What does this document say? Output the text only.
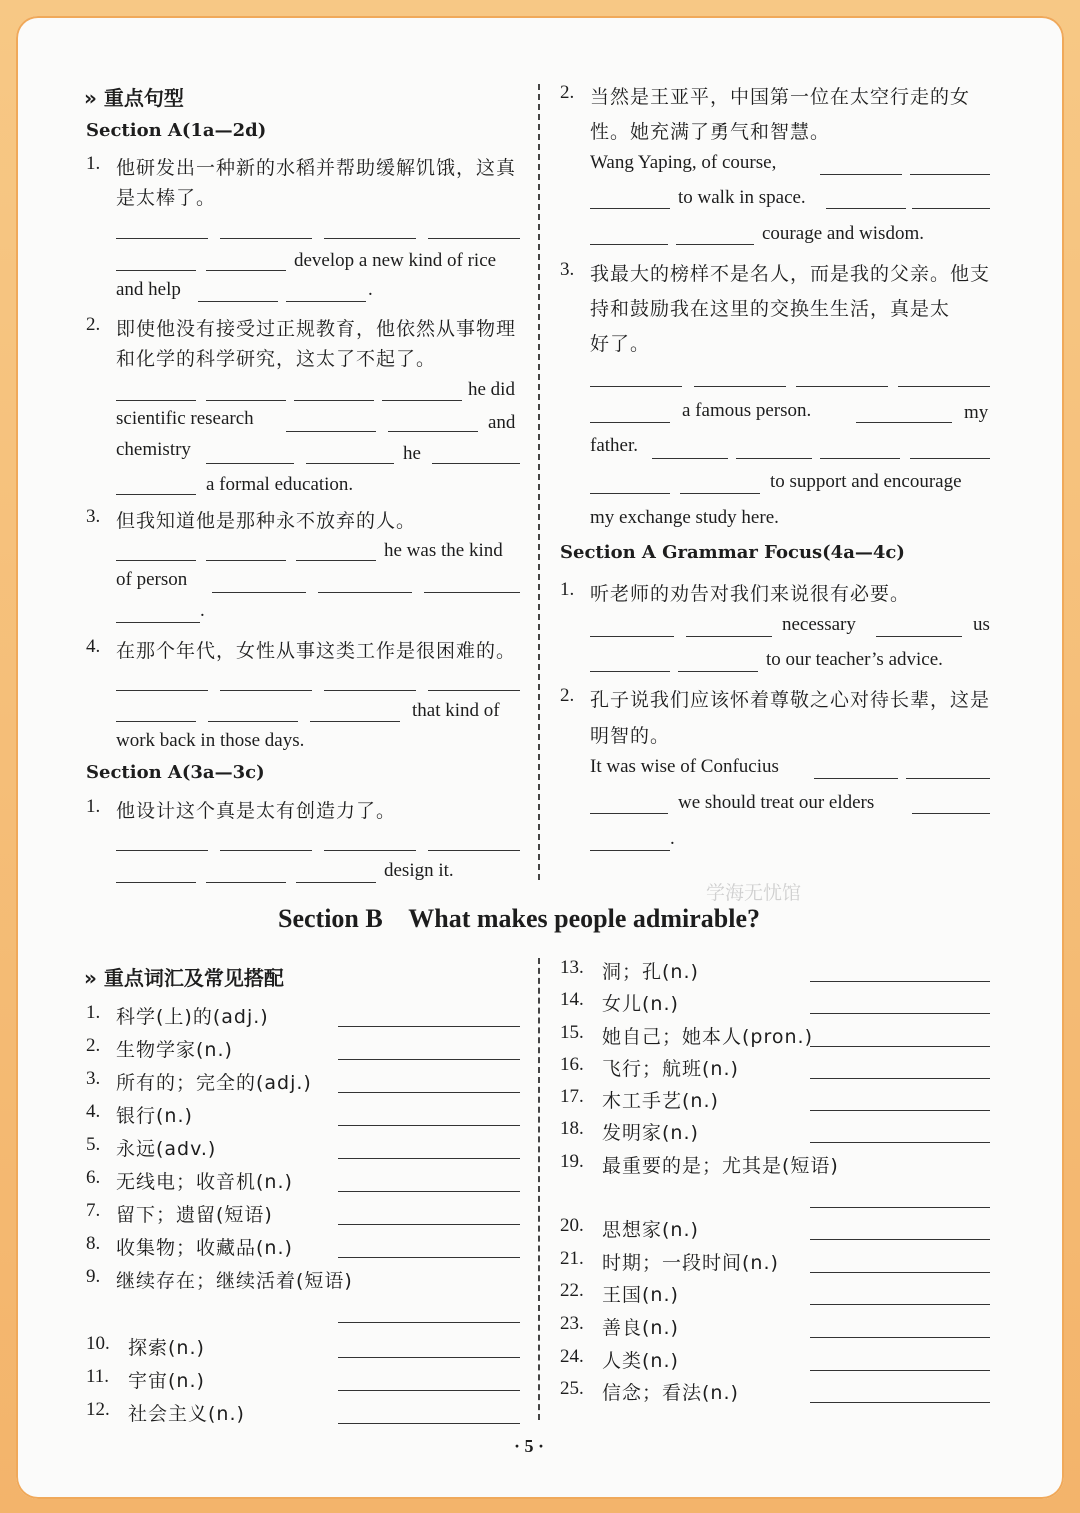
» 重点句型
Section A(1a—2d)
1. 他研发出一种新的水稻并帮助缓解饥饿，这真
是太棒了。
develop a new kind of rice
and help	.
2. 即使他没有接受过正规教育，他依然从事物理
和化学的科学研究，这太了不起了。
he did
scientific research	and
chemistry	he
a formal education.
3. 但我知道他是那种永不放弃的人。
he was the kind
of person
.
4. 在那个年代，女性从事这类工作是很困难的。
that kind of
work back in those days.
Section A(3a—3c)
1. 他设计这个真是太有创造力了。
design it.
2. 当然是王亚平，中国第一位在太空行走的女
性。她充满了勇气和智慧。
Wang Yaping, of course,
to walk in space.
courage and wisdom.
3. 我最大的榜样不是名人，而是我的父亲。他支
持和鼓励我在这里的交换生生活，真是太
好了。
a famous person.	my
father.
to support and encourage
my exchange study here.
Section A Grammar Focus(4a—4c)
1. 听老师的劝告对我们来说很有必要。
necessary	us
to our teacher’s advice.
2. 孔子说我们应该怀着尊敬之心对待长辈，这是
明智的。
It was wise of Confucius
we should treat our elders
.
学海无忧馆
Section B    What makes people admirable?
» 重点词汇及常见搭配
1. 科学(上)的(adj.)
2. 生物学家(n.)
3. 所有的；完全的(adj.)
4. 银行(n.)
5. 永远(adv.)
6. 无线电；收音机(n.)
7. 留下；遗留(短语)
8. 收集物；收藏品(n.)
9. 继续存在；继续活着(短语)
10. 探索(n.)
11. 宇宙(n.)
12. 社会主义(n.)
13. 洞；孔(n.)
14. 女儿(n.)
15. 她自己；她本人(pron.)
16. 飞行；航班(n.)
17. 木工手艺(n.)
18. 发明家(n.)
19. 最重要的是；尤其是(短语)
20. 思想家(n.)
21. 时期；一段时间(n.)
22. 王国(n.)
23. 善良(n.)
24. 人类(n.)
25. 信念；看法(n.)
· 5 ·
